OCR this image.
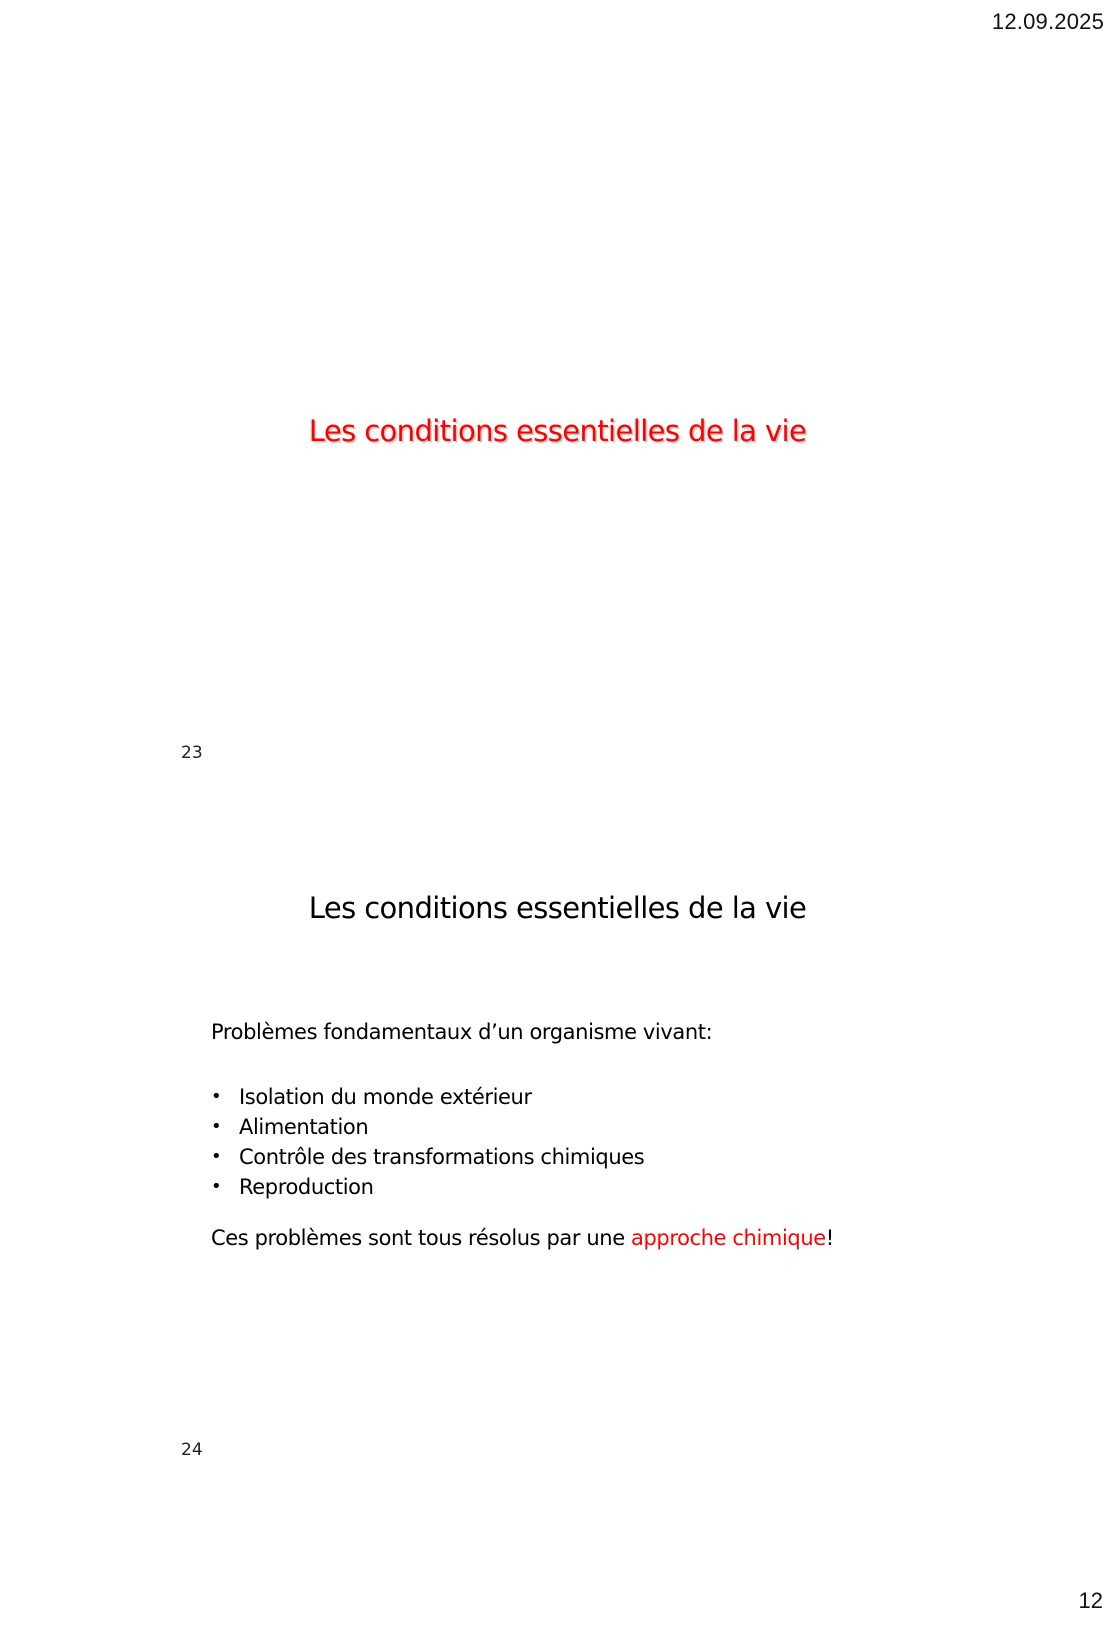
12.09.2025
Les conditions essentielles de la vie
23
Les conditions essentielles de la vie
Problèmes fondamentaux d’un organisme vivant:
• Isolation du monde extérieur
• Alimentation
• Contrôle des transformations chimiques
• Reproduction
Ces problèmes sont tous résolus par une approche chimique!
24
12
